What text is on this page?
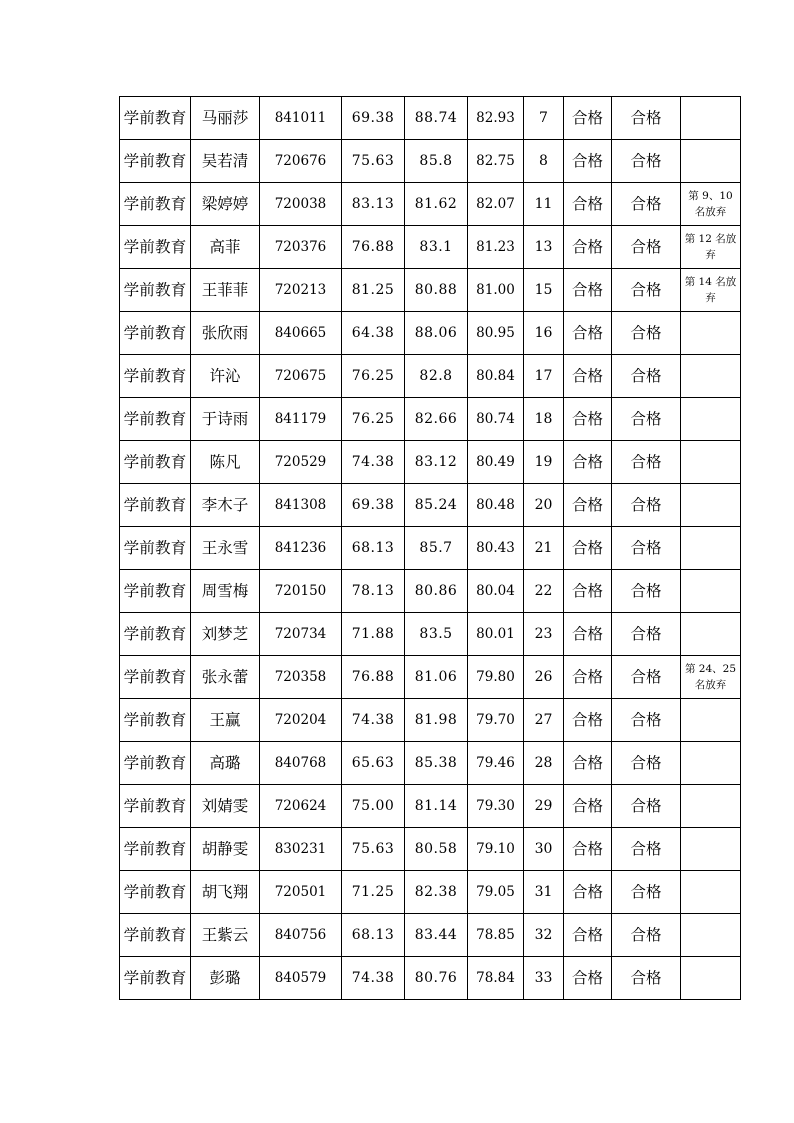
学前教育	马丽莎	841011	69.38	88.74	82.93	7	合格	合格	
学前教育	吴若清	720676	75.63	85.8	82.75	8	合格	合格	
学前教育	梁婷婷	720038	83.13	81.62	82.07	11	合格	合格	第 9、10 名放弃
学前教育	高菲	720376	76.88	83.1	81.23	13	合格	合格	第 12 名放弃
学前教育	王菲菲	720213	81.25	80.88	81.00	15	合格	合格	第 14 名放弃
学前教育	张欣雨	840665	64.38	88.06	80.95	16	合格	合格	
学前教育	许沁	720675	76.25	82.8	80.84	17	合格	合格	
学前教育	于诗雨	841179	76.25	82.66	80.74	18	合格	合格	
学前教育	陈凡	720529	74.38	83.12	80.49	19	合格	合格	
学前教育	李木子	841308	69.38	85.24	80.48	20	合格	合格	
学前教育	王永雪	841236	68.13	85.7	80.43	21	合格	合格	
学前教育	周雪梅	720150	78.13	80.86	80.04	22	合格	合格	
学前教育	刘梦芝	720734	71.88	83.5	80.01	23	合格	合格	
学前教育	张永蕾	720358	76.88	81.06	79.80	26	合格	合格	第 24、25 名放弃
学前教育	王赢	720204	74.38	81.98	79.70	27	合格	合格	
学前教育	高璐	840768	65.63	85.38	79.46	28	合格	合格	
学前教育	刘婧雯	720624	75.00	81.14	79.30	29	合格	合格	
学前教育	胡静雯	830231	75.63	80.58	79.10	30	合格	合格	
学前教育	胡飞翔	720501	71.25	82.38	79.05	31	合格	合格	
学前教育	王紫云	840756	68.13	83.44	78.85	32	合格	合格	
学前教育	彭璐	840579	74.38	80.76	78.84	33	合格	合格	
